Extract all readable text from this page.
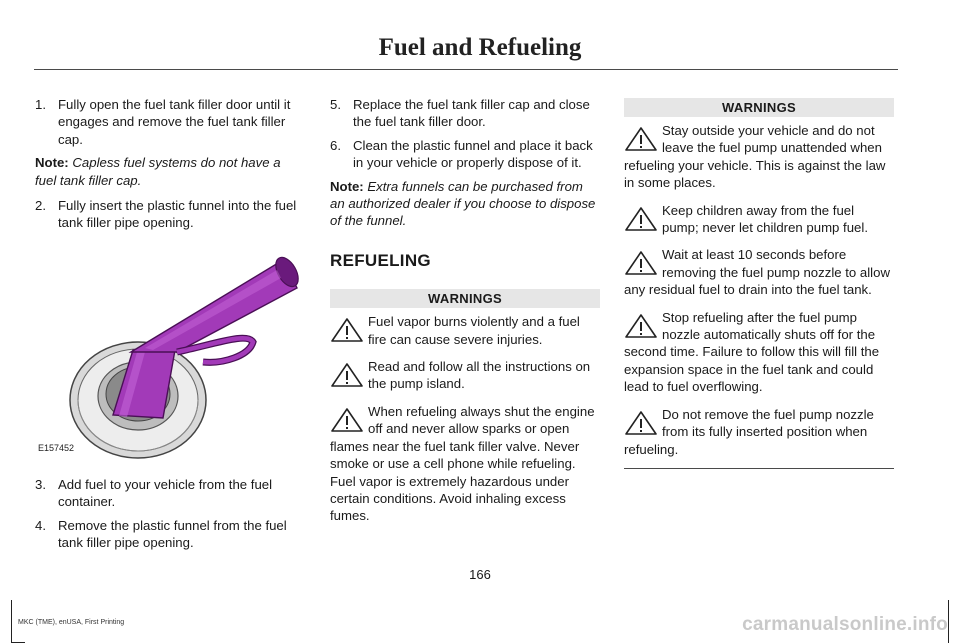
Fuel and Refueling
1. Fully open the fuel tank filler door until it engages and remove the fuel tank filler cap.
Note: Capless fuel systems do not have a fuel tank filler cap.
2. Fully insert the plastic funnel into the fuel tank filler pipe opening.
E157452
3. Add fuel to your vehicle from the fuel container.
4. Remove the plastic funnel from the fuel tank filler pipe opening.
5. Replace the fuel tank filler cap and close the fuel tank filler door.
6. Clean the plastic funnel and place it back in your vehicle or properly dispose of it.
Note: Extra funnels can be purchased from an authorized dealer if you choose to dispose of the funnel.
REFUELING
WARNINGS
Fuel vapor burns violently and a fuel fire can cause severe injuries.
Read and follow all the instructions on the pump island.
When refueling always shut the engine off and never allow sparks or open flames near the fuel tank filler valve. Never smoke or use a cell phone while refueling. Fuel vapor is extremely hazardous under certain conditions. Avoid inhaling excess fumes.
WARNINGS
Stay outside your vehicle and do not leave the fuel pump unattended when refueling your vehicle. This is against the law in some places.
Keep children away from the fuel pump; never let children pump fuel.
Wait at least 10 seconds before removing the fuel pump nozzle to allow any residual fuel to drain into the fuel tank.
Stop refueling after the fuel pump nozzle automatically shuts off for the second time. Failure to follow this will fill the expansion space in the fuel tank and could lead to fuel overflowing.
Do not remove the fuel pump nozzle from its fully inserted position when refueling.
166
MKC (TME), enUSA, First Printing	carmanualsonline.info
